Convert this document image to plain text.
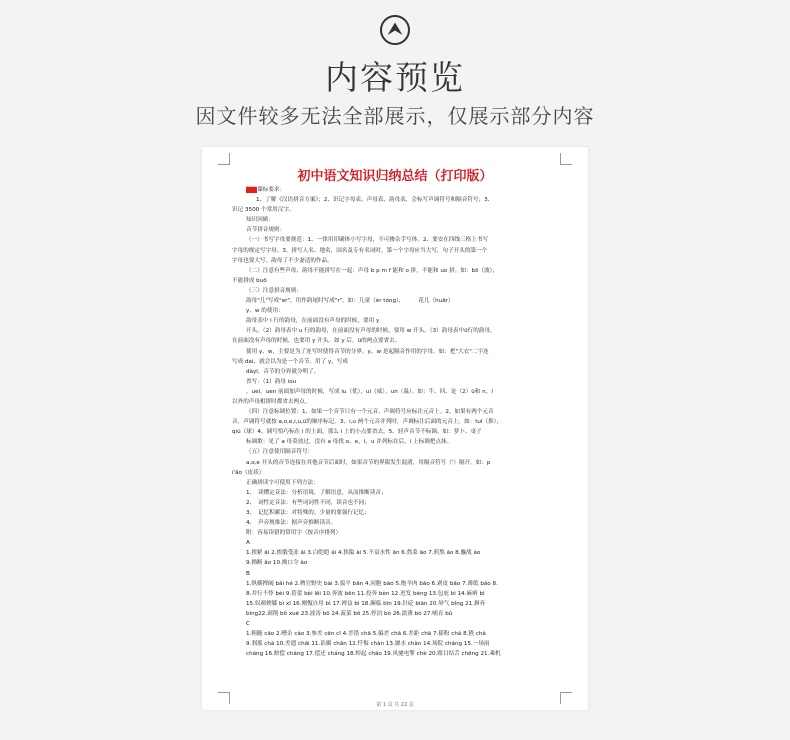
内容预览
因文件较多无法全部展示，仅展示部分内容
初中语文知识归纳总结（打印版）

基础课标要求：

1、了解《汉语拼音方案》；2、识记字母表、声母表、韵母表，会标写声调符号和隔音符号；3、

识记 3500 个常用汉字。

知识回顾：

音节拼音规则：

（一）书写字母要规范：1、一律用印刷体小写字母，不可掺杂手写体。2、要安在四线三格上书写

字母的规定写字母。3、拼写人名、地名、国名及专有名词时，第一个字母应当大写，句子开头的第一个

字母也要大写。韵母了不少妻适的作品。

（二）注意有些声母、韵母不能拼写在一起：声母 b p m f 能和 o 拼，不能和 uo 拼。如：bō（波），

不能拼成 buō

（三）注意拼音规则：

韵母"儿"写成"er"，用作韵尾时写成"r"。如：儿童（ér tóng），　　　花儿（huār）

y、w 的使用：

韵母表中 i 行的韵母，在前面没有声母的时候，要用 y

开头。（2）韵母表中 u 行的韵母，在前面没有声母的时候，要用 w 开头。（3）韵母表中ü行的韵母，

在前面没有声母的时候，也要用 y 开头。如 y 后，ü的两点要省去。

使用 y、w，主要是为了连写时使得音节的分界。y、w 是起隔音作用的字母。如：把"大衣"二字连

写成 dai，就会以为是一个音节。用了 y，写成

dàyī，音节的分界就分明了。

省写：（1）韵母 iou

，uei，uen 前面加声母的时候，写成 iu（优），ui（威），un（温）。如：牛、回、论（2）ü和 n、l

以外的声母相拼时都省去两点。

（四）注意标调位置：1、如果一个音节只有一个元音，声调符号应标注元音上。2、如果有两个元音

音，声调符号就按 a,o,e,i,u,ü的顺序标记。3、i,u 两个元音并列时，声调标注后面的元音上。如：tuī（推），

qiú（球）4、调号恰巧标在 i 的上面，那么 i 上的小点要省去。5、轻声音节不标调。如：萝卜、桌子

标调歌：见了 a 母莫放过，没有 a 母找 o、e。i、u 并列标在后，i 上标调把点抹。

（五）注意使用隔音符号：

a,o,e 开头的音节连接在其他音节后面时，如果音节的界限发生混淆，用隔音符号（'）隔开。如：p

í'ǎo（皮袄）

正确拼读字可使用下列方法：

1、　读懂定音法：分析语境，了解语意，从而推断读音；

2、　词性定音法：有些词词性不同，读音也不同；

3、　记忆积累法：对特殊的、少量的要强行记忆；

4、　声旁规推法：据声旁推断读音。

附：容易读错的常用字（按音序排列）

A

1.挨紧 āi 2.挨饿受冻 ái 3.白皑皑 ái 4.狭隘 ài 5.不谙水性 ān 6.熬菜 āo 7.煎熬 áo 8.鏖战 áo

9.拗断 ǎo 10.拗口令 ào

B

1.纵横捭阖 bǎi hé 2.稗官野史 bài 3.扳平 bān 4.同胞 bāo 5.炮羊肉 bāo 6.剥皮 bāo 7.薄纸 báo 8.

8.并行不悖 bèi 9.蓓蕾 bèi lěi 10.奔波 bēn 11.投奔 bèn 12.迸发 bèng 13.包庇 bì 14.麻痹 bì

15.奴颜婢膝 bì xī 16.刚愎自用 bì 17.裨益 bì 18.濒临 bīn 19.针砭 biān 20.屏气 bǐng 21.摒弃

bìng22.剥削 bō xuē 23.波涛 bō 24.菠菜 bō 25.停泊 bó 26.淡薄 bó 27.哺育 bǔ

C

1.粗糙 cāo 2.嘈杂 cáo 3.参差 cēn cī 4.差错 chā 5.偏差 chā 6.差距 chā 7.搽粉 chá 8.猹 chá

9.刹那 chà 10.差遣 chāi 11.谄媚 chǎn 12.忏悔 chàn 13.羼水 chàn 14.场院 cháng 15.一场雨

cháng 16.赔偿 cháng 17.偿还 cháng 18.绰起 chāo 19.风驰电掣 chè 20.瞠目结舌 chēng 21.乘机

第 1 页 共 22 页
